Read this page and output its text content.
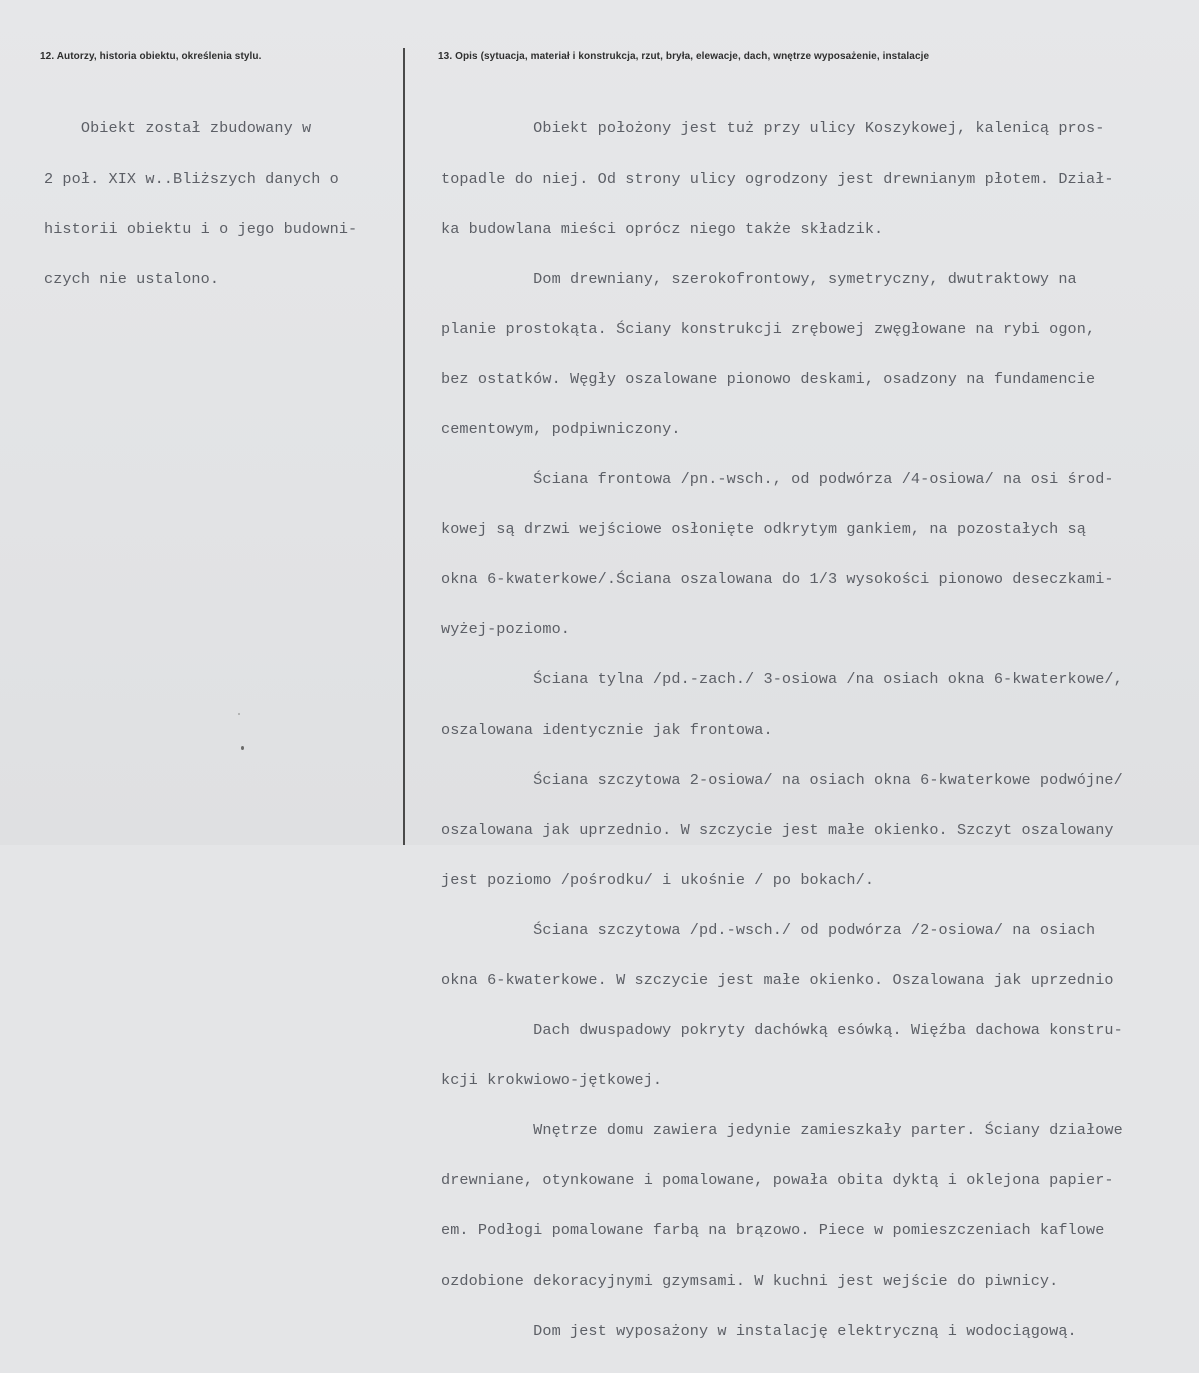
12. Autorzy, historia obiektu, określenia stylu.	13. Opis (sytuacja, materiał i konstrukcja, rzut, bryła, elewacje, dach, wnętrze wyposażenie, instalacje

Obiekt został zbudowany w

2 poł. XIX w..Bliższych danych o

historii obiektu i o jego budowni-

czych nie ustalono.

Obiekt położony jest tuż przy ulicy Koszykowej, kalenicą pros-

topadle do niej. Od strony ulicy ogrodzony jest drewnianym płotem. Dział-

ka budowlana mieści oprócz niego także składzik.

Dom drewniany, szerokofrontowy, symetryczny, dwutraktowy na

planie prostokąta. Ściany konstrukcji zrębowej zwęgłowane na rybi ogon,

bez ostatków. Węgły oszalowane pionowo deskami, osadzony na fundamencie

cementowym, podpiwniczony.

Ściana frontowa /pn.-wsch., od podwórza /4-osiowa/ na osi środ-

kowej są drzwi wejściowe osłonięte odkrytym gankiem, na pozostałych są

okna 6-kwaterkowe/.Ściana oszalowana do 1/3 wysokości pionowo deseczkami-

wyżej-poziomo.

Ściana tylna /pd.-zach./ 3-osiowa /na osiach okna 6-kwaterkowe/,

oszalowana identycznie jak frontowa.

Ściana szczytowa 2-osiowa/ na osiach okna 6-kwaterkowe podwójne/

oszalowana jak uprzednio. W szczycie jest małe okienko. Szczyt oszalowany

jest poziomo /pośrodku/ i ukośnie / po bokach/.

Ściana szczytowa /pd.-wsch./ od podwórza /2-osiowa/ na osiach

okna 6-kwaterkowe. W szczycie jest małe okienko. Oszalowana jak uprzednio

Dach dwuspadowy pokryty dachówką esówką. Więźba dachowa konstru-

kcji krokwiowo-jętkowej.

Wnętrze domu zawiera jedynie zamieszkały parter. Ściany działowe

drewniane, otynkowane i pomalowane, powała obita dyktą i oklejona papier-

em. Podłogi pomalowane farbą na brązowo. Piece w pomieszczeniach kaflowe

ozdobione dekoracyjnymi gzymsami. W kuchni jest wejście do piwnicy.

Dom jest wyposażony w instalację elektryczną i wodociągową.
